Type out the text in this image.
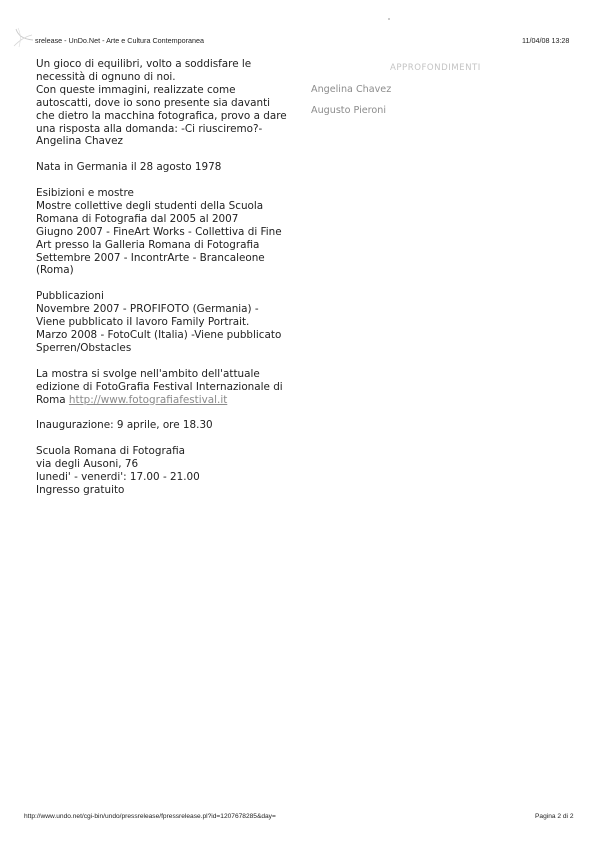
srelease - UnDo.Net - Arte e Cultura Contemporanea	11/04/08 13:28

Un gioco di equilibri, volto a soddisfare le
necessità di ognuno di noi.
Con queste immagini, realizzate come
autoscatti, dove io sono presente sia davanti
che dietro la macchina fotografica, provo a dare
una risposta alla domanda: -Ci riusciremo?-
Angelina Chavez

Nata in Germania il 28 agosto 1978

Esibizioni e mostre
Mostre collettive degli studenti della Scuola
Romana di Fotografia dal 2005 al 2007
Giugno 2007 - FineArt Works - Collettiva di Fine
Art presso la Galleria Romana di Fotografia
Settembre 2007 - IncontrArte - Brancaleone
(Roma)

Pubblicazioni
Novembre 2007 - PROFIFOTO (Germania) -
Viene pubblicato iI lavoro Family Portrait.
Marzo 2008 - FotoCult (Italia) -Viene pubblicato
Sperren/Obstacles

La mostra si svolge nell'ambito dell'attuale
edizione di FotoGrafia Festival Internazionale di
Roma http://www.fotografiafestival.it

Inaugurazione: 9 aprile, ore 18.30

Scuola Romana di Fotografia
via degli Ausoni, 76
lunedi' - venerdi': 17.00 - 21.00
Ingresso gratuito

APPROFONDIMENTI
Angelina Chavez
Augusto Pieroni
http://www.undo.net/cgi-bin/undo/pressrelease/fpressrelease.pl?id=1207678285&day=	Pagina 2 di 2
